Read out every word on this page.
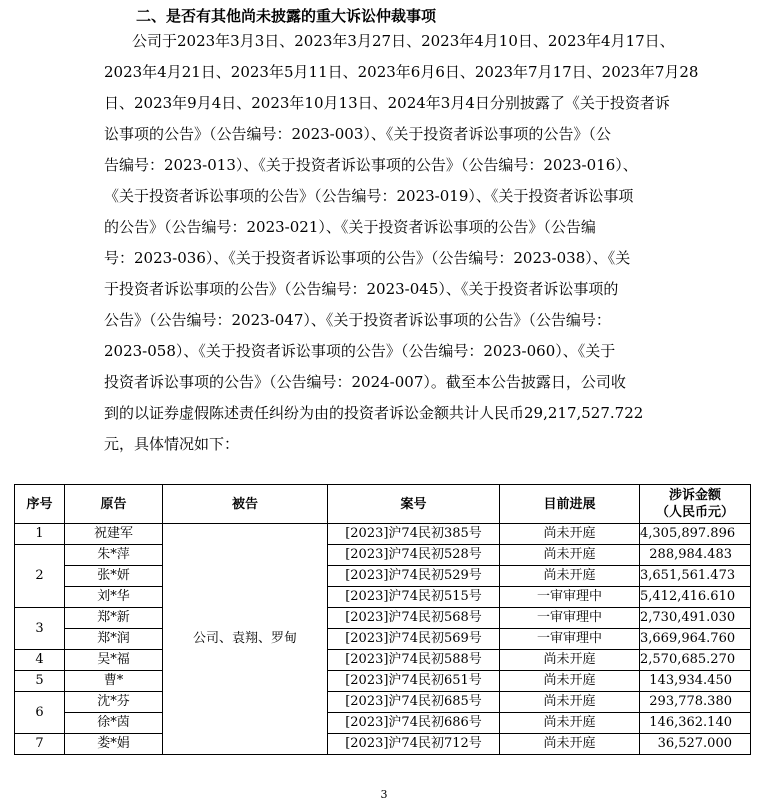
二、是否有其他尚未披露的重大诉讼仲裁事项
公司于2023年3月3日、2023年3月27日、2023年4月10日、2023年4月17日、
2023年4月21日、2023年5月11日、2023年6月6日、2023年7月17日、2023年7月28
日、2023年9月4日、2023年10月13日、2024年3月4日分别披露了《关于投资者诉
讼事项的公告》（公告编号：2023-003）、《关于投资者诉讼事项的公告》（公
告编号：2023-013）、《关于投资者诉讼事项的公告》（公告编号：2023-016）、
《关于投资者诉讼事项的公告》（公告编号：2023-019）、《关于投资者诉讼事项
的公告》（公告编号：2023-021）、《关于投资者诉讼事项的公告》（公告编
号：2023-036）、《关于投资者诉讼事项的公告》（公告编号：2023-038）、《关
于投资者诉讼事项的公告》（公告编号：2023-045）、《关于投资者诉讼事项的
公告》（公告编号：2023-047）、《关于投资者诉讼事项的公告》（公告编号：
2023-058）、《关于投资者诉讼事项的公告》（公告编号：2023-060）、《关于
投资者诉讼事项的公告》（公告编号：2024-007）。截至本公告披露日，公司收
到的以证券虚假陈述责任纠纷为由的投资者诉讼金额共计人民币29,217,527.722
元，具体情况如下：
序号	原告	被告	案号	目前进展	涉诉金额
（人民币元）

1	祝建军	公司、袁翔、罗甸	[2023]沪74民初385号	尚未开庭	4,305,897.896
2	朱*萍		[2023]沪74民初528号	尚未开庭	288,984.483
	张*妍		[2023]沪74民初529号	尚未开庭	3,651,561.473
	刘*华		[2023]沪74民初515号	一审审理中	5,412,416.610
3	郑*新		[2023]沪74民初568号	一审审理中	2,730,491.030
	郑*润		[2023]沪74民初569号	一审审理中	3,669,964.760
4	吴*福		[2023]沪74民初588号	尚未开庭	2,570,685.270
5	曹*		[2023]沪74民初651号	尚未开庭	143,934.450
6	沈*芬		[2023]沪74民初685号	尚未开庭	293,778.380
	徐*茵		[2023]沪74民初686号	尚未开庭	146,362.140
7	娄*娟		[2023]沪74民初712号	尚未开庭	36,527.000
3
